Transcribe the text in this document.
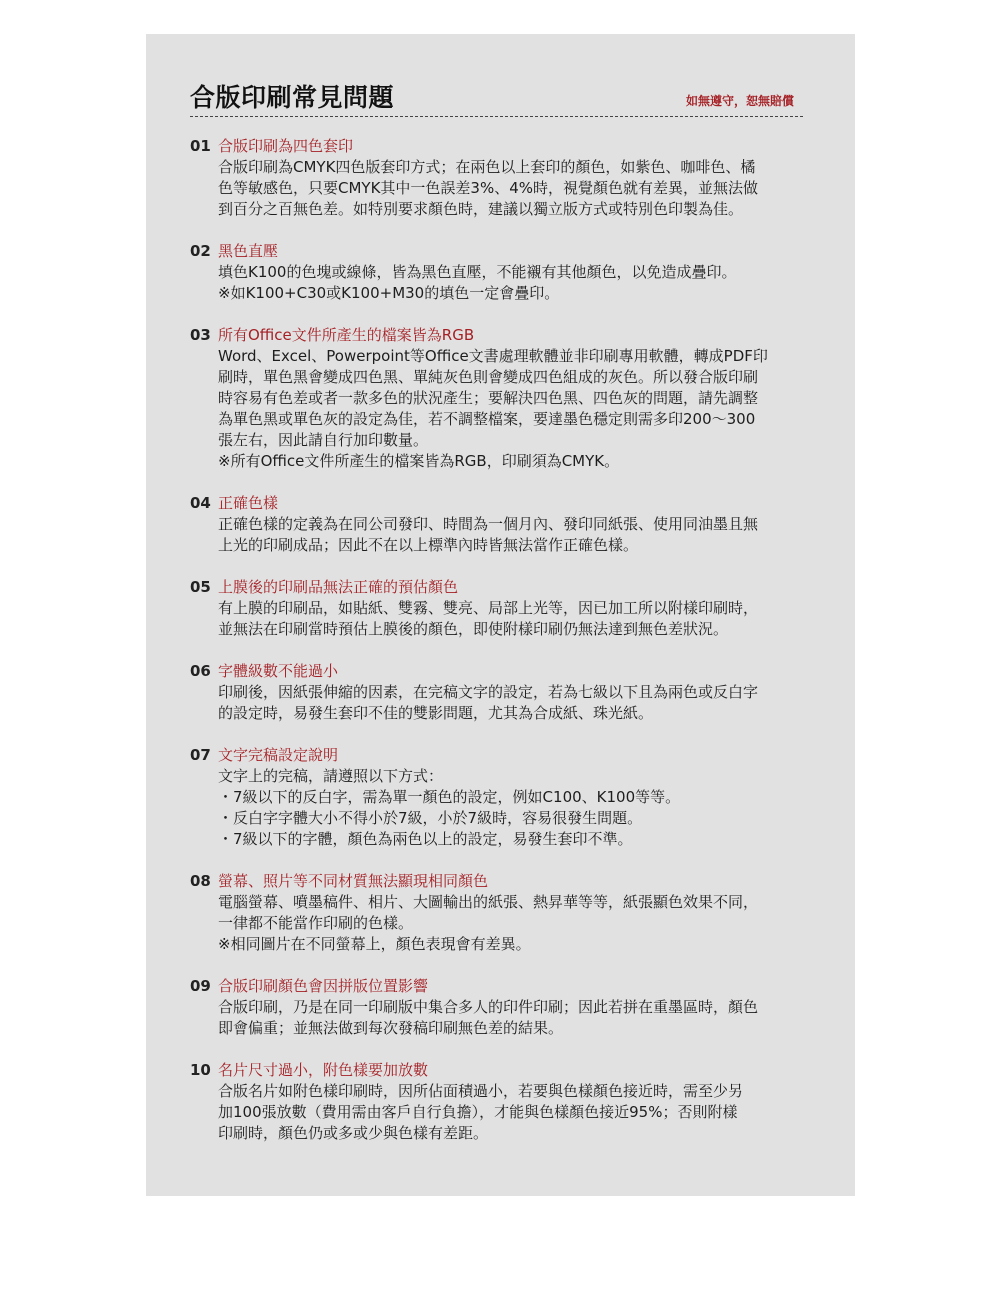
合版印刷常見問題	如無遵守，恕無賠償
01 合版印刷為四色套印
合版印刷為CMYK四色版套印方式；在兩色以上套印的顏色，如紫色、咖啡色、橘
色等敏感色，只要CMYK其中一色誤差3%、4%時，視覺顏色就有差異，並無法做
到百分之百無色差。如特別要求顏色時，建議以獨立版方式或特別色印製為佳。
02 黑色直壓
填色K100的色塊或線條，皆為黑色直壓，不能襯有其他顏色，以免造成疊印。
※如K100+C30或K100+M30的填色一定會疊印。
03 所有Office文件所產生的檔案皆為RGB
Word、Excel、Powerpoint等Office文書處理軟體並非印刷專用軟體，轉成PDF印
刷時，單色黑會變成四色黑、單純灰色則會變成四色組成的灰色。所以發合版印刷
時容易有色差或者一款多色的狀況產生；要解決四色黑、四色灰的問題，請先調整
為單色黑或單色灰的設定為佳，若不調整檔案，要達墨色穩定則需多印200～300
張左右，因此請自行加印數量。
※所有Office文件所產生的檔案皆為RGB，印刷須為CMYK。
04 正確色樣
正確色樣的定義為在同公司發印、時間為一個月內、發印同紙張、使用同油墨且無
上光的印刷成品；因此不在以上標準內時皆無法當作正確色樣。
05 上膜後的印刷品無法正確的預估顏色
有上膜的印刷品，如貼紙、雙霧、雙亮、局部上光等，因已加工所以附樣印刷時，
並無法在印刷當時預估上膜後的顏色，即使附樣印刷仍無法達到無色差狀況。
06 字體級數不能過小
印刷後，因紙張伸縮的因素，在完稿文字的設定，若為七級以下且為兩色或反白字
的設定時，易發生套印不佳的雙影問題，尤其為合成紙、珠光紙。
07 文字完稿設定說明
文字上的完稿，請遵照以下方式：
・7級以下的反白字，需為單一顏色的設定，例如C100、K100等等。
・反白字字體大小不得小於7級，小於7級時，容易很發生問題。
・7級以下的字體，顏色為兩色以上的設定，易發生套印不準。
08 螢幕、照片等不同材質無法顯現相同顏色
電腦螢幕、噴墨稿件、相片、大圖輸出的紙張、熱昇華等等，紙張顯色效果不同，
一律都不能當作印刷的色樣。
※相同圖片在不同螢幕上，顏色表現會有差異。
09 合版印刷顏色會因拼版位置影響
合版印刷，乃是在同一印刷版中集合多人的印件印刷；因此若拼在重墨區時，顏色
即會偏重；並無法做到每次發稿印刷無色差的結果。
10 名片尺寸過小，附色樣要加放數
合版名片如附色樣印刷時，因所佔面積過小，若要與色樣顏色接近時，需至少另
加100張放數（費用需由客戶自行負擔），才能與色樣顏色接近95%；否則附樣
印刷時，顏色仍或多或少與色樣有差距。
